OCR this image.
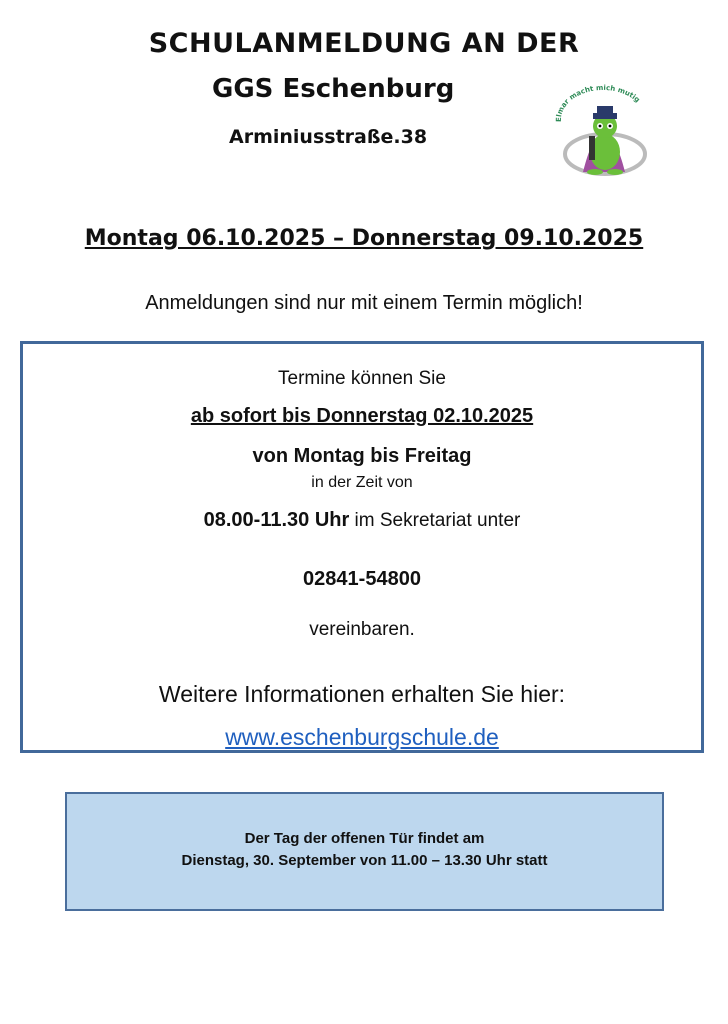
SCHULANMELDUNG AN DER
GGS Eschenburg
Arminiusstraße.38
Elmar macht mich mutig
Montag 06.10.2025 – Donnerstag 09.10.2025
Anmeldungen sind nur mit einem Termin möglich!
Termine können Sie
ab sofort bis Donnerstag 02.10.2025
von Montag bis Freitag
in der Zeit von
08.00-11.30 Uhr im Sekretariat unter
02841-54800
vereinbaren.
Weitere Informationen erhalten Sie hier:
www.eschenburgschule.de
Der Tag der offenen Tür findet am
Dienstag, 30. September von 11.00 – 13.30 Uhr statt
